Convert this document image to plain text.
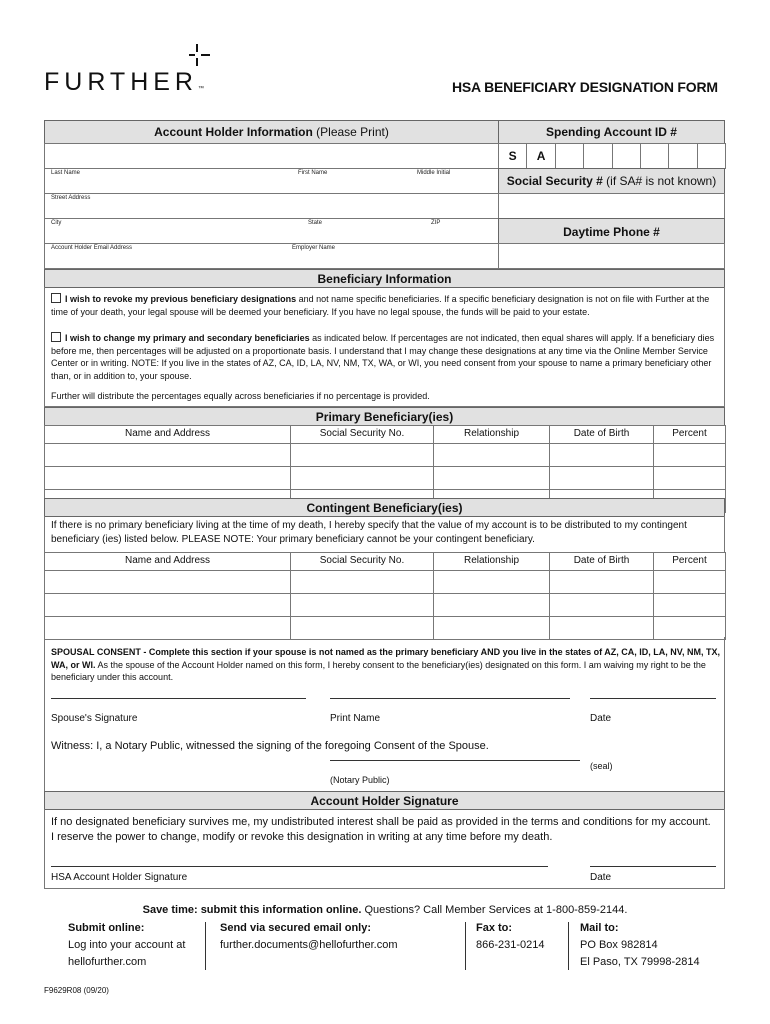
FURTHER™	HSA BENEFICIARY DESIGNATION FORM
Account Holder Information (Please Print)	Spending Account ID #
Last Name	First Name	Middle Initial
Street Address
City	State	ZIP
Account Holder Email Address	Employer Name
S	A
Social Security # (if SA# is not known)
Daytime Phone #
Beneficiary Information
I wish to revoke my previous beneficiary designations and not name specific beneficiaries. If a specific beneficiary designation is not on file with Further at the time of your death, your legal spouse will be deemed your beneficiary. If you have no legal spouse, the funds will be paid to your estate.
I wish to change my primary and secondary beneficiaries as indicated below. If percentages are not indicated, then equal shares will apply. If a beneficiary dies before me, then percentages will be adjusted on a proportionate basis. I understand that I may change these designations at any time via the Online Member Service Center or in writing. NOTE: If you live in the states of AZ, CA, ID, LA, NV, NM, TX, WA, or WI, you need consent from your spouse to name a primary beneficiary other than, or in addition to, your spouse.
Further will distribute the percentages equally across beneficiaries if no percentage is provided.
Primary Beneficiary(ies)
Name and Address	Social Security No.	Relationship	Date of Birth	Percent
Contingent Beneficiary(ies)
If there is no primary beneficiary living at the time of my death, I hereby specify that the value of my account is to be distributed to my contingent beneficiary (ies) listed below. PLEASE NOTE: Your primary beneficiary cannot be your contingent beneficiary.
Name and Address	Social Security No.	Relationship	Date of Birth	Percent
SPOUSAL CONSENT - Complete this section if your spouse is not named as the primary beneficiary AND you live in the states of AZ, CA, ID, LA, NV, NM, TX, WA, or WI. As the spouse of the Account Holder named on this form, I hereby consent to the beneficiary(ies) designated on this form. I am waiving my right to be the beneficiary under this account.
Spouse's Signature	Print Name	Date
Witness: I, a Notary Public, witnessed the signing of the foregoing Consent of the Spouse.
(seal)
(Notary Public)
Account Holder Signature
If no designated beneficiary survives me, my undistributed interest shall be paid as provided in the terms and conditions for my account.
I reserve the power to change, modify or revoke this designation in writing at any time before my death.
HSA Account Holder Signature	Date
Save time: submit this information online. Questions? Call Member Services at 1-800-859-2144.
Submit online:
Log into your account at
hellofurther.com
Send via secured email only:
further.documents@hellofurther.com
Fax to:
866-231-0214
Mail to:
PO Box 982814
El Paso, TX 79998-2814
F9629R08 (09/20)
